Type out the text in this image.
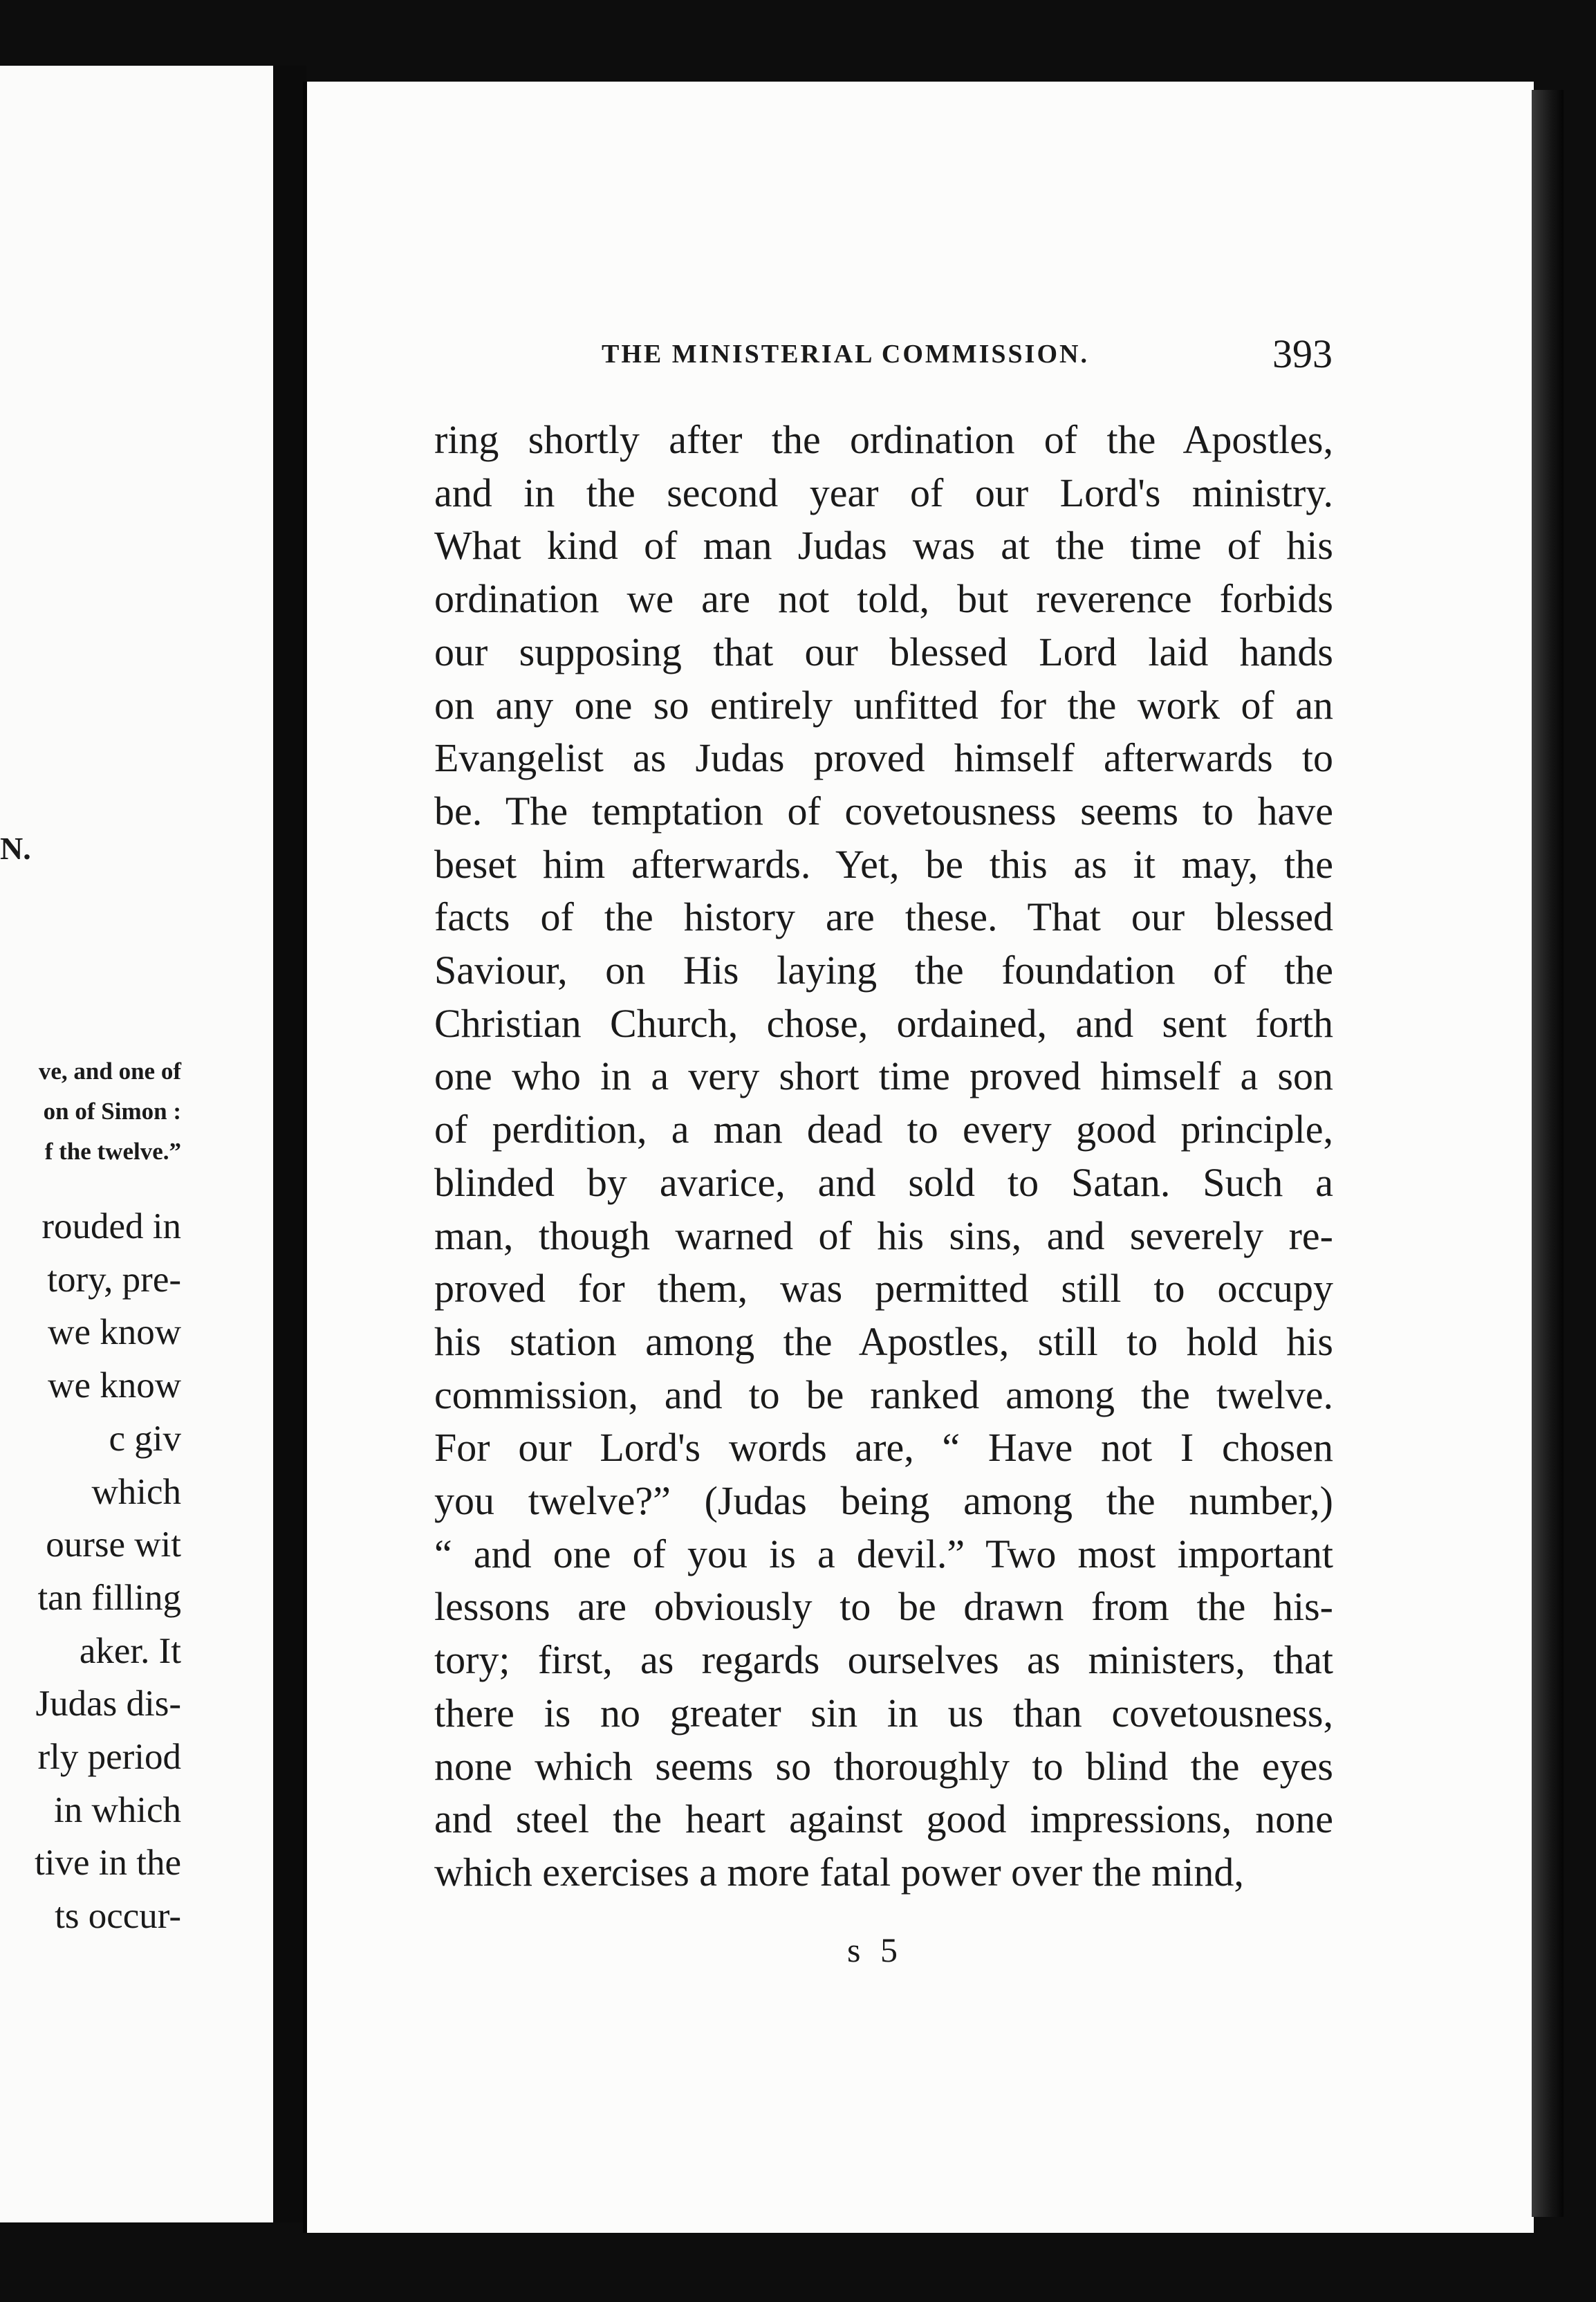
N.
ve, and one of
on of Simon :
f the twelve.”
rouded in
tory, pre-
we know
we know
c giv
which
ourse wit
tan filling
aker. It
Judas dis-
rly period
in which
tive in the
ts occur-
THE MINISTERIAL COMMISSION.	393
ring shortly after the ordination of the Apostles,
and in the second year of our Lord's ministry.
What kind of man Judas was at the time of his
ordination we are not told, but reverence forbids
our supposing that our blessed Lord laid hands
on any one so entirely unfitted for the work of an
Evangelist as Judas proved himself afterwards to
be. The temptation of covetousness seems to have
beset him afterwards. Yet, be this as it may, the
facts of the history are these. That our blessed
Saviour, on His laying the foundation of the
Christian Church, chose, ordained, and sent forth
one who in a very short time proved himself a son
of perdition, a man dead to every good principle,
blinded by avarice, and sold to Satan. Such a
man, though warned of his sins, and severely re-
proved for them, was permitted still to occupy
his station among the Apostles, still to hold his
commission, and to be ranked among the twelve.
For our Lord's words are, “ Have not I chosen
you twelve?” (Judas being among the number,)
“ and one of you is a devil.” Two most important
lessons are obviously to be drawn from the his-
tory; first, as regards ourselves as ministers, that
there is no greater sin in us than covetousness,
none which seems so thoroughly to blind the eyes
and steel the heart against good impressions, none
which exercises a more fatal power over the mind,
s 5
